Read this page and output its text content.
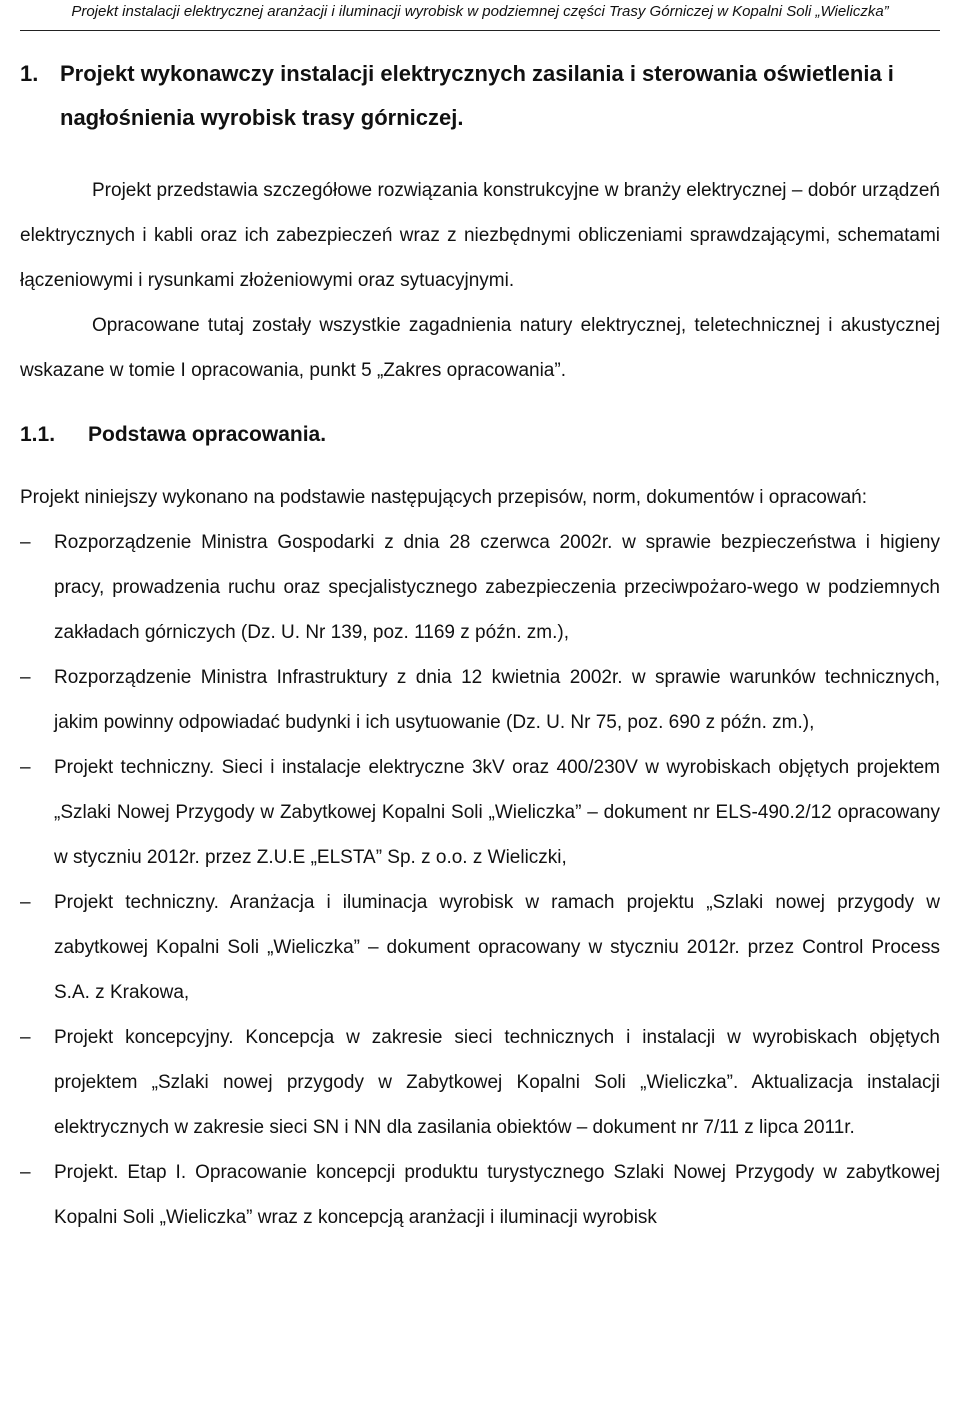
Projekt instalacji elektrycznej aranżacji i iluminacji wyrobisk w podziemnej części Trasy Górniczej w Kopalni Soli „Wieliczka”
1. Projekt wykonawczy instalacji elektrycznych zasilania i sterowania oświetlenia i nagłośnienia wyrobisk trasy górniczej.

Projekt przedstawia szczegółowe rozwiązania konstrukcyjne w branży elektrycznej – dobór urządzeń elektrycznych i kabli oraz ich zabezpieczeń wraz z niezbędnymi obliczeniami sprawdzającymi, schematami łączeniowymi i rysunkami złożeniowymi oraz sytuacyjnymi.

Opracowane tutaj zostały wszystkie zagadnienia natury elektrycznej, teletechnicznej i akustycznej wskazane w tomie I opracowania, punkt 5 „Zakres opracowania”.

1.1.	Podstawa opracowania.

Projekt niniejszy wykonano na podstawie następujących przepisów, norm, dokumentów i opracowań:

–	Rozporządzenie Ministra Gospodarki z dnia 28 czerwca 2002r. w sprawie bezpieczeństwa i higieny pracy, prowadzenia ruchu oraz specjalistycznego zabezpieczenia przeciwpożaro-wego w podziemnych zakładach górniczych (Dz. U. Nr 139, poz. 1169 z późn. zm.),
–	Rozporządzenie Ministra Infrastruktury z dnia 12 kwietnia 2002r. w sprawie warunków technicznych, jakim powinny odpowiadać budynki i ich usytuowanie (Dz. U. Nr 75, poz. 690 z późn. zm.),
–	Projekt techniczny. Sieci i instalacje elektryczne 3kV oraz 400/230V w wyrobiskach objętych projektem „Szlaki Nowej Przygody w Zabytkowej Kopalni Soli „Wieliczka” – dokument nr ELS-490.2/12 opracowany w styczniu 2012r. przez Z.U.E „ELSTA” Sp. z o.o. z Wieliczki,
–	Projekt techniczny. Aranżacja i iluminacja wyrobisk w ramach projektu „Szlaki nowej przygody w zabytkowej Kopalni Soli „Wieliczka” – dokument opracowany w styczniu 2012r. przez Control Process S.A. z Krakowa,
–	Projekt koncepcyjny. Koncepcja w zakresie sieci technicznych i instalacji w wyrobiskach objętych projektem „Szlaki nowej przygody w Zabytkowej Kopalni Soli „Wieliczka”. Aktualizacja instalacji elektrycznych w zakresie sieci SN i NN dla zasilania obiektów – dokument nr 7/11 z lipca 2011r.
–	Projekt. Etap I. Opracowanie koncepcji produktu turystycznego Szlaki Nowej Przygody w zabytkowej Kopalni Soli „Wieliczka” wraz z koncepcją aranżacji i iluminacji wyrobisk
